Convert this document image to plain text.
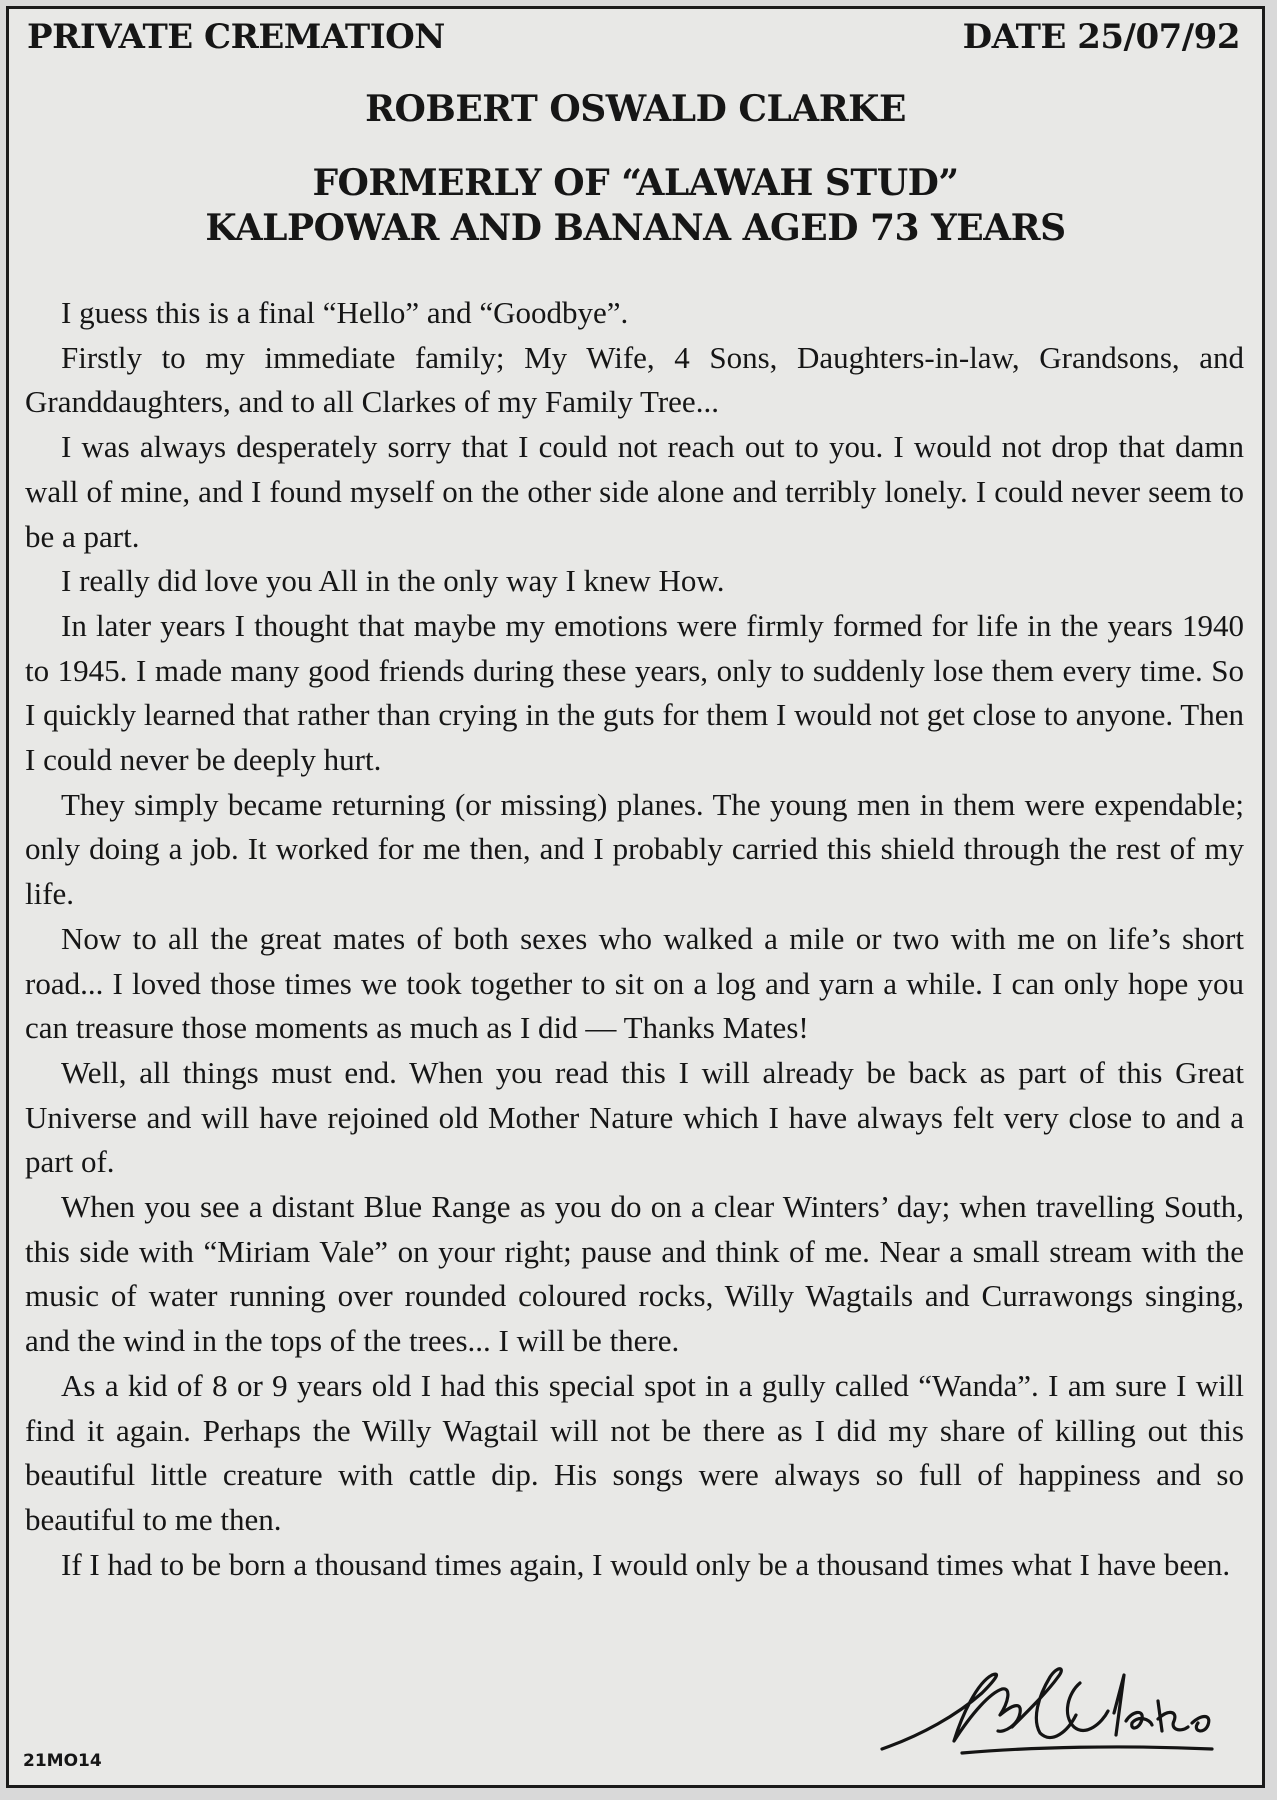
PRIVATE CREMATION	DATE 25/07/92
ROBERT OSWALD CLARKE
FORMERLY OF “ALAWAH STUD”
KALPOWAR AND BANANA AGED 73 YEARS

I guess this is a final “Hello” and “Goodbye”.

Firstly to my immediate family; My Wife, 4 Sons, Daughters-in-law, Grandsons, and Granddaughters, and to all Clarkes of my Family Tree...

I was always desperately sorry that I could not reach out to you. I would not drop that damn wall of mine, and I found myself on the other side alone and terribly lonely. I could never seem to be a part.

I really did love you All in the only way I knew How.

In later years I thought that maybe my emotions were firmly formed for life in the years 1940 to 1945. I made many good friends during these years, only to suddenly lose them every time. So I quickly learned that rather than crying in the guts for them I would not get close to anyone. Then I could never be deeply hurt.

They simply became returning (or missing) planes. The young men in them were expendable; only doing a job. It worked for me then, and I probably carried this shield through the rest of my life.

Now to all the great mates of both sexes who walked a mile or two with me on life’s short road... I loved those times we took together to sit on a log and yarn a while. I can only hope you can treasure those moments as much as I did — Thanks Mates!

Well, all things must end. When you read this I will already be back as part of this Great Universe and will have rejoined old Mother Nature which I have always felt very close to and a part of.

When you see a distant Blue Range as you do on a clear Winters’ day; when travelling South, this side with “Miriam Vale” on your right; pause and think of me. Near a small stream with the music of water running over rounded coloured rocks, Willy Wagtails and Currawongs singing, and the wind in the tops of the trees... I will be there.

As a kid of 8 or 9 years old I had this special spot in a gully called “Wanda”. I am sure I will find it again. Perhaps the Willy Wagtail will not be there as I did my share of killing out this beautiful little creature with cattle dip. His songs were always so full of happiness and so beautiful to me then.

If I had to be born a thousand times again, I would only be a thousand times what I have been.

21MO14
